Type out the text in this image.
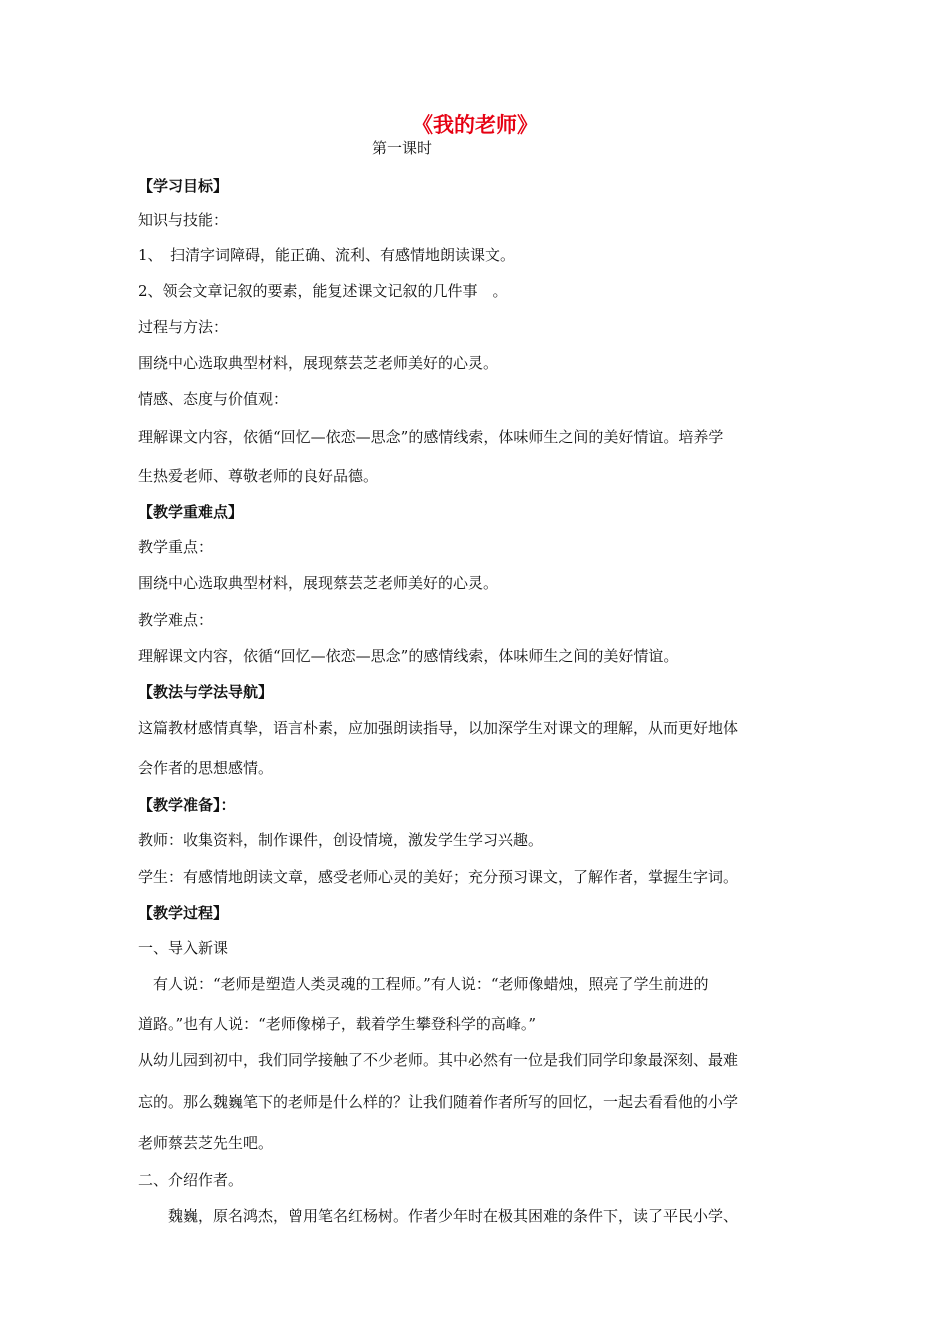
《我的老师》
第一课时
【学习目标】
知识与技能：
1、　扫清字词障碍，能正确、流利、有感情地朗读课文。
2、领会文章记叙的要素，能复述课文记叙的几件事　。
过程与方法：
围绕中心选取典型材料，展现蔡芸芝老师美好的心灵。
情感、态度与价值观：
理解课文内容，依循“回忆—依恋—思念”的感情线索，体味师生之间的美好情谊。培养学
生热爱老师、尊敬老师的良好品德。
【教学重难点】
教学重点：
围绕中心选取典型材料，展现蔡芸芝老师美好的心灵。
教学难点：
理解课文内容，依循“回忆—依恋—思念”的感情线索，体味师生之间的美好情谊。
【教法与学法导航】
这篇教材感情真挚，语言朴素，应加强朗读指导，以加深学生对课文的理解，从而更好地体
会作者的思想感情。
【教学准备】：
教师：收集资料，制作课件，创设情境，激发学生学习兴趣。
学生：有感情地朗读文章，感受老师心灵的美好；充分预习课文，了解作者，掌握生字词。
【教学过程】
一、导入新课
　有人说：“老师是塑造人类灵魂的工程师。”有人说：“老师像蜡烛，照亮了学生前进的
道路。”也有人说：“老师像梯子，载着学生攀登科学的高峰。”
从幼儿园到初中，我们同学接触了不少老师。其中必然有一位是我们同学印象最深刻、最难
忘的。那么魏巍笔下的老师是什么样的？让我们随着作者所写的回忆，一起去看看他的小学
老师蔡芸芝先生吧。
二、介绍作者。
　　魏巍，原名鸿杰，曾用笔名红杨树。作者少年时在极其困难的条件下，读了平民小学、
